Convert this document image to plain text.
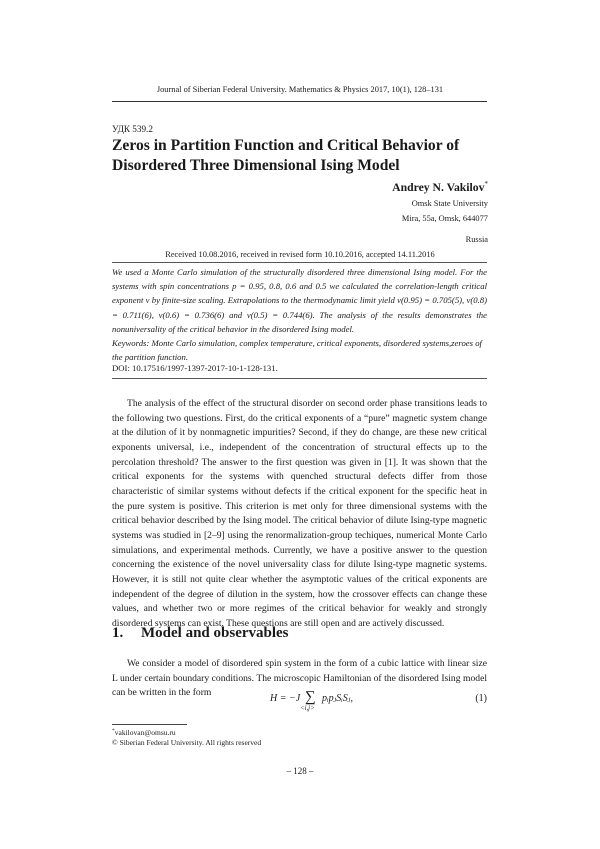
Journal of Siberian Federal University. Mathematics & Physics 2017, 10(1), 128–131
УДК 539.2
Zeros in Partition Function and Critical Behavior of Disordered Three Dimensional Ising Model
Andrey N. Vakilov*
Omsk State University
Mira, 55a, Omsk, 644077
Russia
Received 10.08.2016, received in revised form 10.10.2016, accepted 14.11.2016
We used a Monte Carlo simulation of the structurally disordered three dimensional Ising model. For the systems with spin concentrations p = 0.95, 0.8, 0.6 and 0.5 we calculated the correlation-length critical exponent ν by finite-size scaling. Extrapolations to the thermodynamic limit yield ν(0.95) = 0.705(5), ν(0.8) = 0.711(6), ν(0.6) = 0.736(6) and ν(0.5) = 0.744(6). The analysis of the results demonstrates the nonuniversality of the critical behavior in the disordered Ising model.
Keywords: Monte Carlo simulation, complex temperature, critical exponents, disordered systems,zeroes of the partition function.
DOI: 10.17516/1997-1397-2017-10-1-128-131.
The analysis of the effect of the structural disorder on second order phase transitions leads to the following two questions. First, do the critical exponents of a “pure” magnetic system change at the dilution of it by nonmagnetic impurities? Second, if they do change, are these new critical exponents universal, i.e., independent of the concentration of structural effects up to the percolation threshold? The answer to the first question was given in [1]. It was shown that the critical exponents for the systems with quenched structural defects differ from those characteristic of similar systems without defects if the critical exponent for the specific heat in the pure system is positive. This criterion is met only for three dimensional systems with the critical behavior described by the Ising model. The critical behavior of dilute Ising-type magnetic systems was studied in [2–9] using the renormalization-group techiques, numerical Monte Carlo simulations, and experimental methods. Currently, we have a positive answer to the question concerning the existence of the novel universality class for dilute Ising-type magnetic systems. However, it is still not quite clear whether the asymptotic values of the critical exponents are independent of the degree of dilution in the system, how the crossover effects can change these values, and whether two or more regimes of the critical behavior for weakly and strongly disordered systems can exist. These questions are still open and are actively discussed.
1. Model and observables
We consider a model of disordered spin system in the form of a cubic lattice with linear size L under certain boundary conditions. The microscopic Hamiltonian of the disordered Ising model can be written in the form
H = −J ∑
<i,j>
pᵢpⱼSᵢSⱼ,	(1)
*vakilovan@omsu.ru
© Siberian Federal University. All rights reserved
– 128 –
